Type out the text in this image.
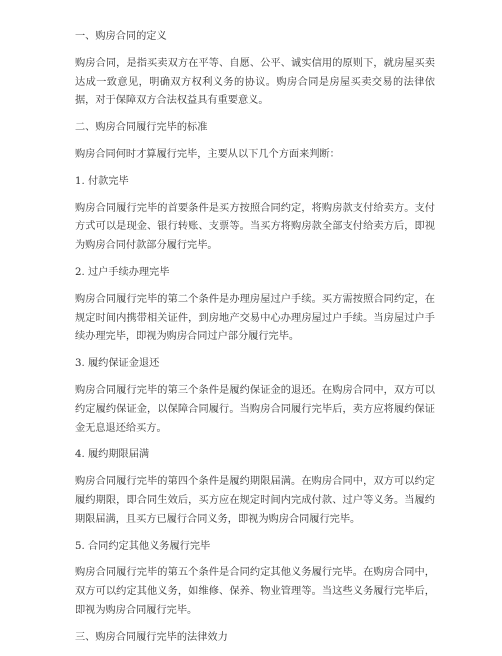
一、购房合同的定义
购房合同，是指买卖双方在平等、自愿、公平、诚实信用的原则下，就房屋买卖达成一致意见，明确双方权利义务的协议。购房合同是房屋买卖交易的法律依据，对于保障双方合法权益具有重要意义。
二、购房合同履行完毕的标准
购房合同何时才算履行完毕，主要从以下几个方面来判断：
1. 付款完毕
购房合同履行完毕的首要条件是买方按照合同约定，将购房款支付给卖方。支付方式可以是现金、银行转账、支票等。当买方将购房款全部支付给卖方后，即视为购房合同付款部分履行完毕。
2. 过户手续办理完毕
购房合同履行完毕的第二个条件是办理房屋过户手续。买方需按照合同约定，在规定时间内携带相关证件，到房地产交易中心办理房屋过户手续。当房屋过户手续办理完毕，即视为购房合同过户部分履行完毕。
3. 履约保证金退还
购房合同履行完毕的第三个条件是履约保证金的退还。在购房合同中，双方可以约定履约保证金，以保障合同履行。当购房合同履行完毕后，卖方应将履约保证金无息退还给买方。
4. 履约期限届满
购房合同履行完毕的第四个条件是履约期限届满。在购房合同中，双方可以约定履约期限，即合同生效后，买方应在规定时间内完成付款、过户等义务。当履约期限届满，且买方已履行合同义务，即视为购房合同履行完毕。
5. 合同约定其他义务履行完毕
购房合同履行完毕的第五个条件是合同约定其他义务履行完毕。在购房合同中，双方可以约定其他义务，如维修、保养、物业管理等。当这些义务履行完毕后，即视为购房合同履行完毕。
三、购房合同履行完毕的法律效力
